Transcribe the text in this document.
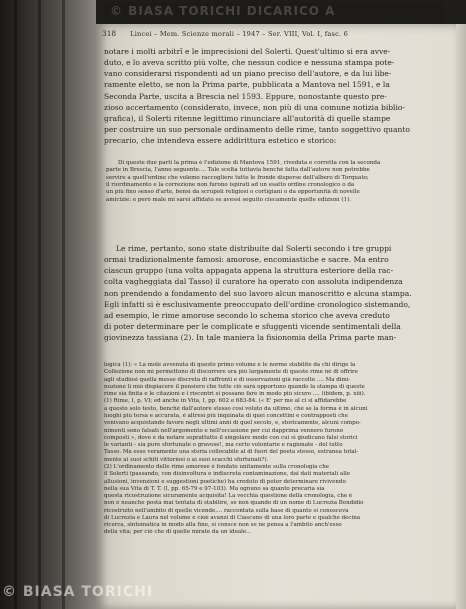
© BIASA TORICHI DICARICO A
318 Lincei – Mem. Scienze morali – 1947 – Ser. VIII, Vol. I, fasc. 6
notare i molti arbitrî e le imprecisioni del Solerti. Quest'ultimo si era avve-
duto, e lo aveva scritto più volte, che nessun codice e nessuna stampa pote-
vano considerarsi rispondenti ad un piano preciso dell'autore, e da lui libe-
ramente eletto, se non la Prima parte, pubblicata a Mantova nel 1591, e la
Seconda Parte, uscita a Brescia nel 1593. Eppure, nonostante questo pre-
zioso accertamento (considerato, invece, non più di una comune notizia biblio-
grafica), il Solerti ritenne legittimo rinunciare all'autorità di quelle stampe
per costruire un suo personale ordinamento delle rime, tanto soggettivo quanto
precario, che intendeva essere addirittura estetico e storico:
Di queste due parti la prima è l'edizione di Mantova 1591, riveduta e corretta con la seconda
parte in Brescia, l'anno seguente.... Tale scelta tuttavia benché fatta dall'autore non potrebbe
servire a quell'ordine che volemo raccogliere tutte le fronde disperse dell'albero di Torquato;
il riordinamento e la correzione non furono ispirati ad un esatto ordine cronologico o da
un più fino senso d'arte, bensì da scrupoli religiosi o cortigiani o da opportunità di novelle
amicizie: e però male mi sarei affidato se avessi seguito ciecamente quelle edizioni (1).
Le rime, pertanto, sono state distribuite dal Solerti secondo i tre gruppi
ormai tradizionalmente famosi: amorose, encomiastiche e sacre. Ma entro
ciascun gruppo (una volta appagata appena la struttura esteriore della rac-
colta vagheggiata dal Tasso) il curatore ha operato con assoluta indipendenza
non prendendo a fondamento del suo lavoro alcun manoscritto e alcuna stampa.
Egli infatti si è esclusivamente preoccupato dell'ordine cronologico sistemando,
ad esempio, le rime amorose secondo lo schema storico che aveva creduto
di poter determinare per le complicate e sfuggenti vicende sentimentali della
giovinezza tassiana (2). In tale maniera la fisionomia della Prima parte man-
logica (1): « La mole avvenuta di questo primo volume e le norme stabilite da chi dirige la
Collezione non mi permettono di discorrere ora più largamente di queste rime né di offrire
agli studiosi quella messe discreta di raffronti e di osservazioni già raccolte .... Ma dimi-
nuzione li mio dispiacere il pensiero che tutte ciò sarà opportuno quando la stampa di queste
rime sia finita e le citazioni e i riscontri si possano fare in modo più sicuro .... (ibidem, p. xiii).
(1) Rime, I, p. VI; ed anche in Vita, I, pp. 602 e 683-84. (« E' per me al ci si affidarebbe
a questo solo testo, benché dall'autore stesso così voluto da ultimo, chè se la forma è in alcuni
luoghi più tersa e accurata, è altresì più inquinata di quei concettini e contrapposti che
venivano acquistando favore negli ultimi anni di quel secolo, e, storicamente, alcuni compo-
nimenti sono falsati nell'argomento e nell'occasione per cui dapprima vennero furono
composti », dove è da notare soprattutto il singolare modo con cui si giudicano falsi storici
le varianti - sia pure sfortunate o gravose!, ma certo volontarie e ragionate - del tutto
Tasso. Ma esso veramente una storia collocabile al di fuori del poeta stesso, estranea total-
mente ai suoi schiti vittoriosi o ai suoi scacchi sfortunati?).
(2) L'ordinamento delle rime amorose è fondato unitamente sulla cronologia che
il Solerti (passando, con disinvoltura e indiscreta contaminazione, dai dati materiali alle
allusioni, invenzioni e suggestioni poetiche) ha creduto di poter determinare rivivendo
nella sua Vita di T. T. (I, pp. 65-79 e 97-103). Ma ognuno sa quanto precaria sia
questa ricostruzione sicuramente acquisita! La vecchia questione della cronologia, che è
non è neanche posta mai tentata di stabilire, se non quando di un nome di Lucrezia Bendidio
ricostruito nell'ambito di quelle vicende.... raccontata sulla base di quanto si conosceva
di Lucrezia e Laura nel volume e cioè avanzi di Ciascuno di una loro parte e qualche decina
ricerca, sintomatica in modo alla fine, si consce non se ne pensa a l'ambito anch'esso
della vita; per ciò che di quelle mirate da un ideale...
© BIASA TORICHI
